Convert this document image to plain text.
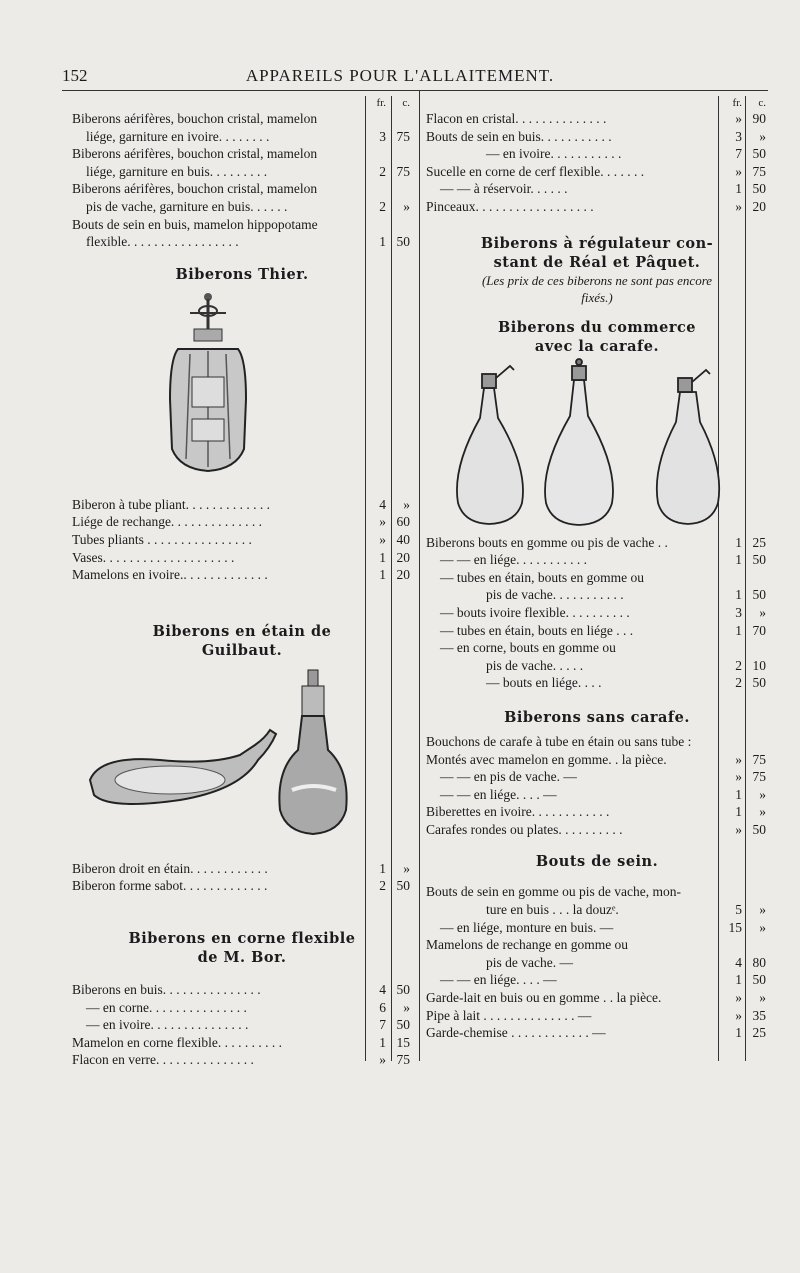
152	APPAREILS POUR L'ALLAITEMENT.
fr.	c.
Biberons aérifères, bouchon cristal, mamelon
liége, garniture en ivoire. . . . . . . .	3 75
Biberons aérifères, bouchon cristal, mamelon
liége, garniture en buis. . . . . . . . .	2 75
Biberons aérifères, bouchon cristal, mamelon
pis de vache, garniture en buis. . . . . .	2	»
Bouts de sein en buis, mamelon hippopotame
flexible. . . . . . . . . . . . . . . . .	1 50
Biberons Thier.
Biberon à tube pliant. . . . . . . . . . . . .	4	»
Liége de rechange. . . . . . . . . . . . . .	» 60
Tubes pliants . . . . . . . . . . . . . . . .	» 40
Vases. . . . . . . . . . . . . . . . . . . .	1 20
Mamelons en ivoire.. . . . . . . . . . . . .	1 20
Biberons en étain de
Guilbaut.
Biberon droit en étain. . . . . . . . . . . .	1	»
Biberon forme sabot. . . . . . . . . . . . .	2 50
Biberons en corne flexible
de M. Bor.
Biberons en buis. . . . . . . . . . . . . . .	4 50
— en corne. . . . . . . . . . . . . . .	6	»
— en ivoire. . . . . . . . . . . . . . .	7 50
Mamelon en corne flexible. . . . . . . . . .	1 15
Flacon en verre. . . . . . . . . . . . . . .	» 75
fr.	c.
Flacon en cristal. . . . . . . . . . . . . .	» 90
Bouts de sein en buis. . . . . . . . . . .	3	»
— en ivoire. . . . . . . . . . .	7 50
Sucelle en corne de cerf flexible. . . . . . .	» 75
— — à réservoir. . . . . .	1 50
Pinceaux. . . . . . . . . . . . . . . . . .	» 20
Biberons à régulateur con-
stant de Réal et Pâquet.
(Les prix de ces biberons ne sont pas encore
fixés.)
Biberons du commerce
avec la carafe.
Biberons bouts en gomme ou pis de vache . .	1 25
— — en liége. . . . . . . . . . .	1 50
— tubes en étain, bouts en gomme ou
pis de vache. . . . . . . . . . .	1 50
— bouts ivoire flexible. . . . . . . . . .	3	»
— tubes en étain, bouts en liége . . .	1 70
— en corne, bouts en gomme ou
pis de vache. . . . .	2 10
— bouts en liége. . . .	2 50
Biberons sans carafe.
Bouchons de carafe à tube en étain ou sans tube :
Montés avec mamelon en gomme. . la pièce.	» 75
— — en pis de vache. —	» 75
— — en liége. . . . —	1	»
Biberettes en ivoire. . . . . . . . . . . .	1	»
Carafes rondes ou plates. . . . . . . . . .	» 50
Bouts de sein.
Bouts de sein en gomme ou pis de vache, mon-
ture en buis . . . la douzᵉ.	5	»
— en liége, monture en buis. —	15	»
Mamelons de rechange en gomme ou
pis de vache. —	4 80
— — en liége. . . . —	1 50
Garde-lait en buis ou en gomme . . la pièce.	»	»
Pipe à lait . . . . . . . . . . . . . . —	» 35
Garde-chemise . . . . . . . . . . . . —	1 25
